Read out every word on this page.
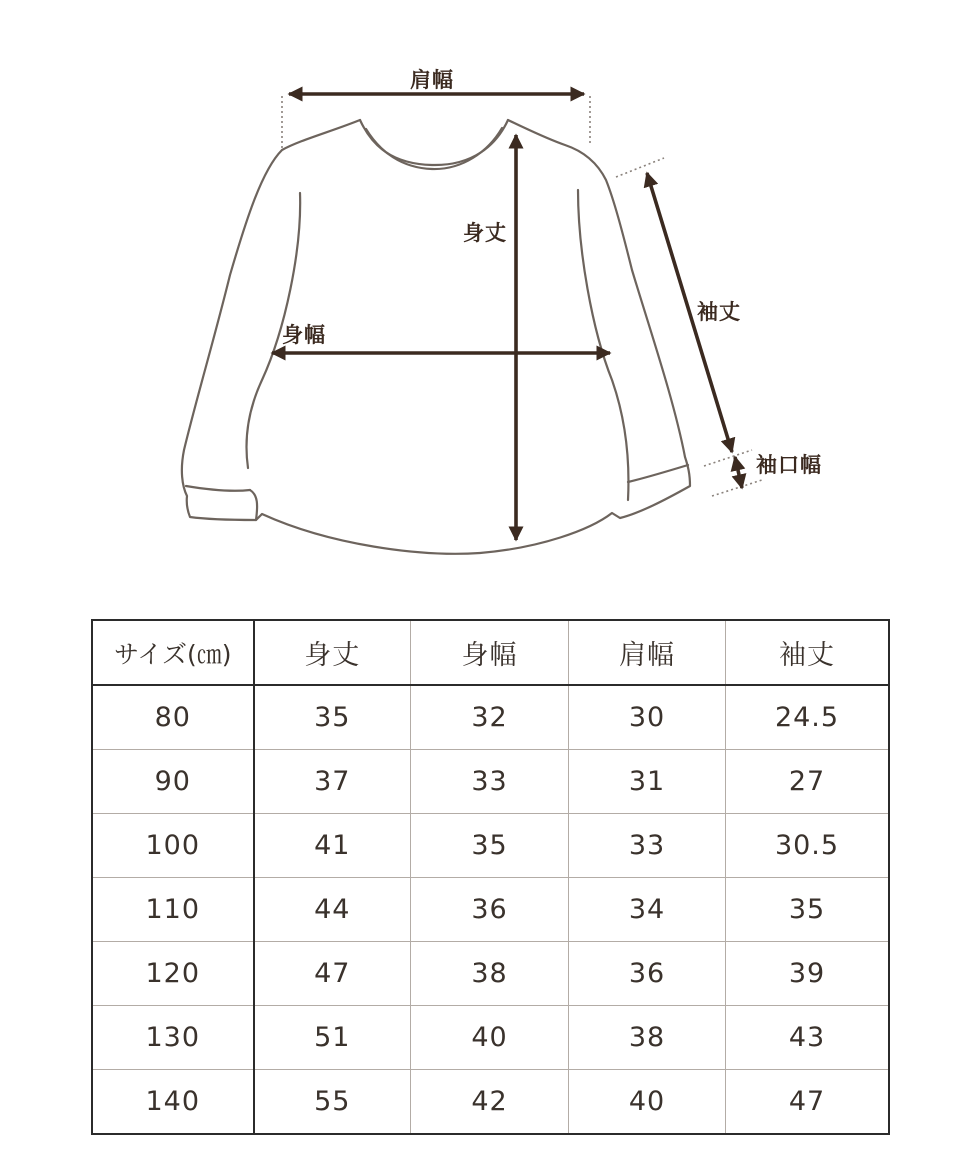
肩幅
身丈
身幅
袖丈
袖口幅
サイズ(㎝)	身丈	身幅	肩幅	袖丈
80	35	32	30	24.5
90	37	33	31	27
100	41	35	33	30.5
110	44	36	34	35
120	47	38	36	39
130	51	40	38	43
140	55	42	40	47
